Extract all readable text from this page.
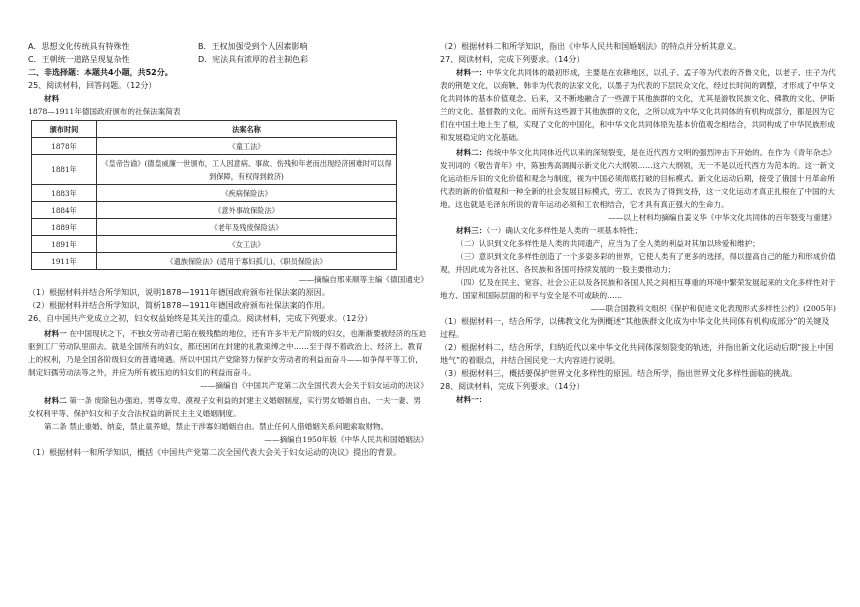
A．思想文化传统具有特殊性	B．王权加强受到个人因素影响
C．王朝统一道路呈现复杂性	D．宪法具有浓厚的君主制色彩

二、非选择题：本题共4小题，共52分。

25、阅读材料，回答问题。（12分）

材料

1878—1911年德国政府颁布的社保法案简表

颁布时间	法案名称
1878年	《童工法》
1881年	《皇帝告谕》(德皇威廉一世颁布，工人因意病、事故、伤残和年老而出现经济困难时可以得到保障，有权得到救济)
1883年	《疾病保险法》
1884年	《意外事故保险法》
1889年	《老年及残废保险法》
1891年	《女工法》
1911年	《遗族保险法》(适用于寡妇孤儿)、《职员保险法》

——摘编自邢来顺等主编《德国通史》

（1）根据材料并结合所学知识，说明1878—1911年德国政府颁布社保法案的原因。

（2）根据材料并结合所学知识，简析1878—1911年德国政府颁布社保法案的作用。

26、自中国共产党成立之初，妇女权益始终是其关注的重点。阅读材料，完成下列要求。（12分）

材料一 在中国现状之下，不独女劳动者已陷在极残酷的地位，还有许多半无产阶级的妇女，也渐渐要被经济的压迫驱到工厂劳动队里面去。就是全国所有的妇女，都还困闭在封建的礼教束缚之中……至于得不着政治上、经济上、教育上的权利，乃是全国各阶级妇女的普通境遇。所以中国共产党除努力保护女劳动者的利益而奋斗——如争得平等工价，制定妇孺劳动法等之外，并应为所有被压迫的妇女们的利益而奋斗。

——摘编自《中国共产党第二次全国代表大会关于妇女运动的决议》

材料二 第一条 废除包办强迫、男尊女卑、漠视子女利益的封建主义婚姻制度，实行男女婚姻自由、一夫一妻、男女权利平等、保护妇女和子女合法权益的新民主主义婚姻制度。

第二条 禁止重婚、纳妾，禁止童养媳，禁止干涉寡妇婚姻自由。禁止任何人借婚姻关系问题索取财物。

——摘编自1950年版《中华人民共和国婚姻法》

（1）根据材料一和所学知识，概括《中国共产党第二次全国代表大会关于妇女运动的决议》提出的背景。

（2）根据材料二和所学知识，指出《中华人民共和国婚姻法》的特点并分析其意义。

27、阅读材料，完成下列要求。（14分）

材料一：中华文化共同体的最初形成，主要是在农耕地区，以孔子、孟子等为代表的齐鲁文化，以老子、庄子为代表的荆楚文化，以商鞅、韩非为代表的法家文化，以墨子为代表的下层民众文化，经过长时间的调整，才形成了中华文化共同体的基本价值观念。后来，又不断地融合了一些源于其他族群的文化，尤其是游牧民族文化、佛教的文化、伊斯兰的文化、基督教的文化。而所有这些源于其他族群的文化，之所以成为中华文化共同体的有机构成部分，都是因为它们在中国土地上生了根，实现了文化的中国化，和中华文化共同体原先基本价值观念相结合，共同构成了中华民族形成和发展稳定的文化基础。

材料二：传统中华文化共同体近代以来的深刻裂变，是在近代西方文明的强烈冲击下开始的。在作为《青年杂志》发刊词的《敬告青年》中，陈独秀高调揭示新文化六大纲领……这六大纲领，无一不是以近代西方为范本的。这一新文化运动拒斥旧的文化价值和观念与制度，视为中国必须彻底打破的目标模式。新文化运动后期，接受了俄国十月革命所代表的新的价值观和一种全新的社会发展目标模式，劳工、农民为了得到支持，这一文化运动才真正扎根在了中国的大地。这也就是毛泽东所说的青年运动必须和工农相结合，它才具有真正强大的生命力。

——以上材料均摘编自姜义华《中华文化共同体的百年裂变与重建》

材料三：（一）确认文化多样性是人类的一项基本特性；

（二）认识到文化多样性是人类的共同遗产，应当为了全人类的利益对其加以珍爱和维护；

（三）意识到文化多样性创造了一个多姿多彩的世界，它使人类有了更多的选择，得以提高自己的能力和形成价值观，并因此成为各社区、各民族和各国可持续发展的一股主要推动力；

（四）忆及在民主、宽容、社会公正以及各民族和各国人民之间相互尊重的环境中繁荣发展起来的文化多样性对于地方、国家和国际层面的和平与安全是不可或缺的……

——联合国教科文组织《保护和促进文化表现形式多样性公约》(2005年)

（1）根据材料一，结合所学，以佛教文化为例概述“其他族群文化成为中华文化共同体有机构成部分”的关键及过程。

（2）根据材料二，结合所学，归纳近代以来中华文化共同体深刻裂变的轨迹，并指出新文化运动后期“接上中国地气”的着眼点，并结合国民党一大内容进行说明。

（3）根据材料三，概括要保护世界文化多样性的原因。结合所学，指出世界文化多样性面临的挑战。

28、阅读材料，完成下列要求。（14分）

材料一：
